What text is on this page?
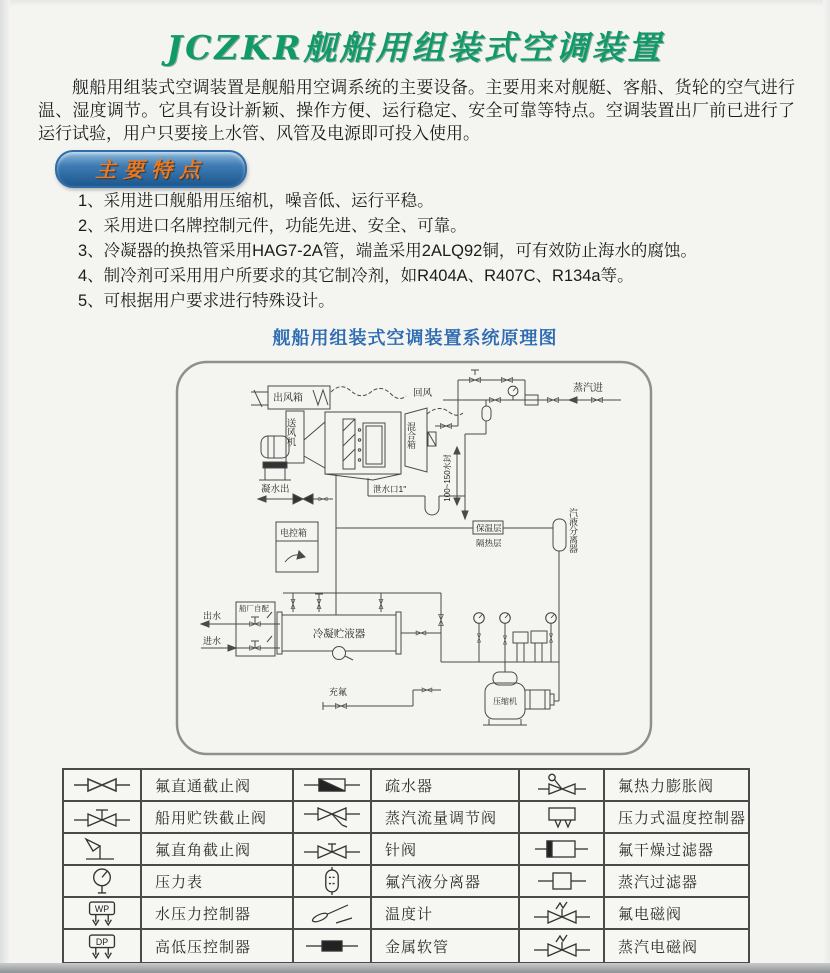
JCZKR舰船用组装式空调装置
舰船用组装式空调装置是舰船用空调系统的主要设备。主要用来对舰艇、客船、货轮的空气进行温、湿度调节。它具有设计新颖、操作方便、运行稳定、安全可靠等特点。空调装置出厂前已进行了运行试验，用户只要接上水管、风管及电源即可投入使用。
主要特点
1、采用进口舰船用压缩机，噪音低、运行平稳。
2、采用进口名牌控制元件，功能先进、安全、可靠。
3、冷凝器的换热管采用HAG7-2A管，端盖采用2ALQ92铜，可有效防止海水的腐蚀。
4、制冷剂可采用用户所要求的其它制冷剂，如R404A、R407C、R134a等。
5、可根据用户要求进行特殊设计。
舰船用组装式空调装置系统原理图
出风箱
送风机	混合箱
回风	蒸汽进
凝水出	泄水口1"	100~150水封
电控箱	保温层
隔热层	汽液分离器
出水
进水
船厂自配
冷凝贮液器
充氟
压缩机
氟直通截止阀	疏水器	氟热力膨胀阀
船用贮铁截止阀	蒸汽流量调节阀	压力式温度控制器
氟直角截止阀	针阀	氟干燥过滤器
压力表	氟汽液分离器	蒸汽过滤器
WP	水压力控制器	温度计	氟电磁阀
DP	高低压控制器	金属软管	蒸汽电磁阀
